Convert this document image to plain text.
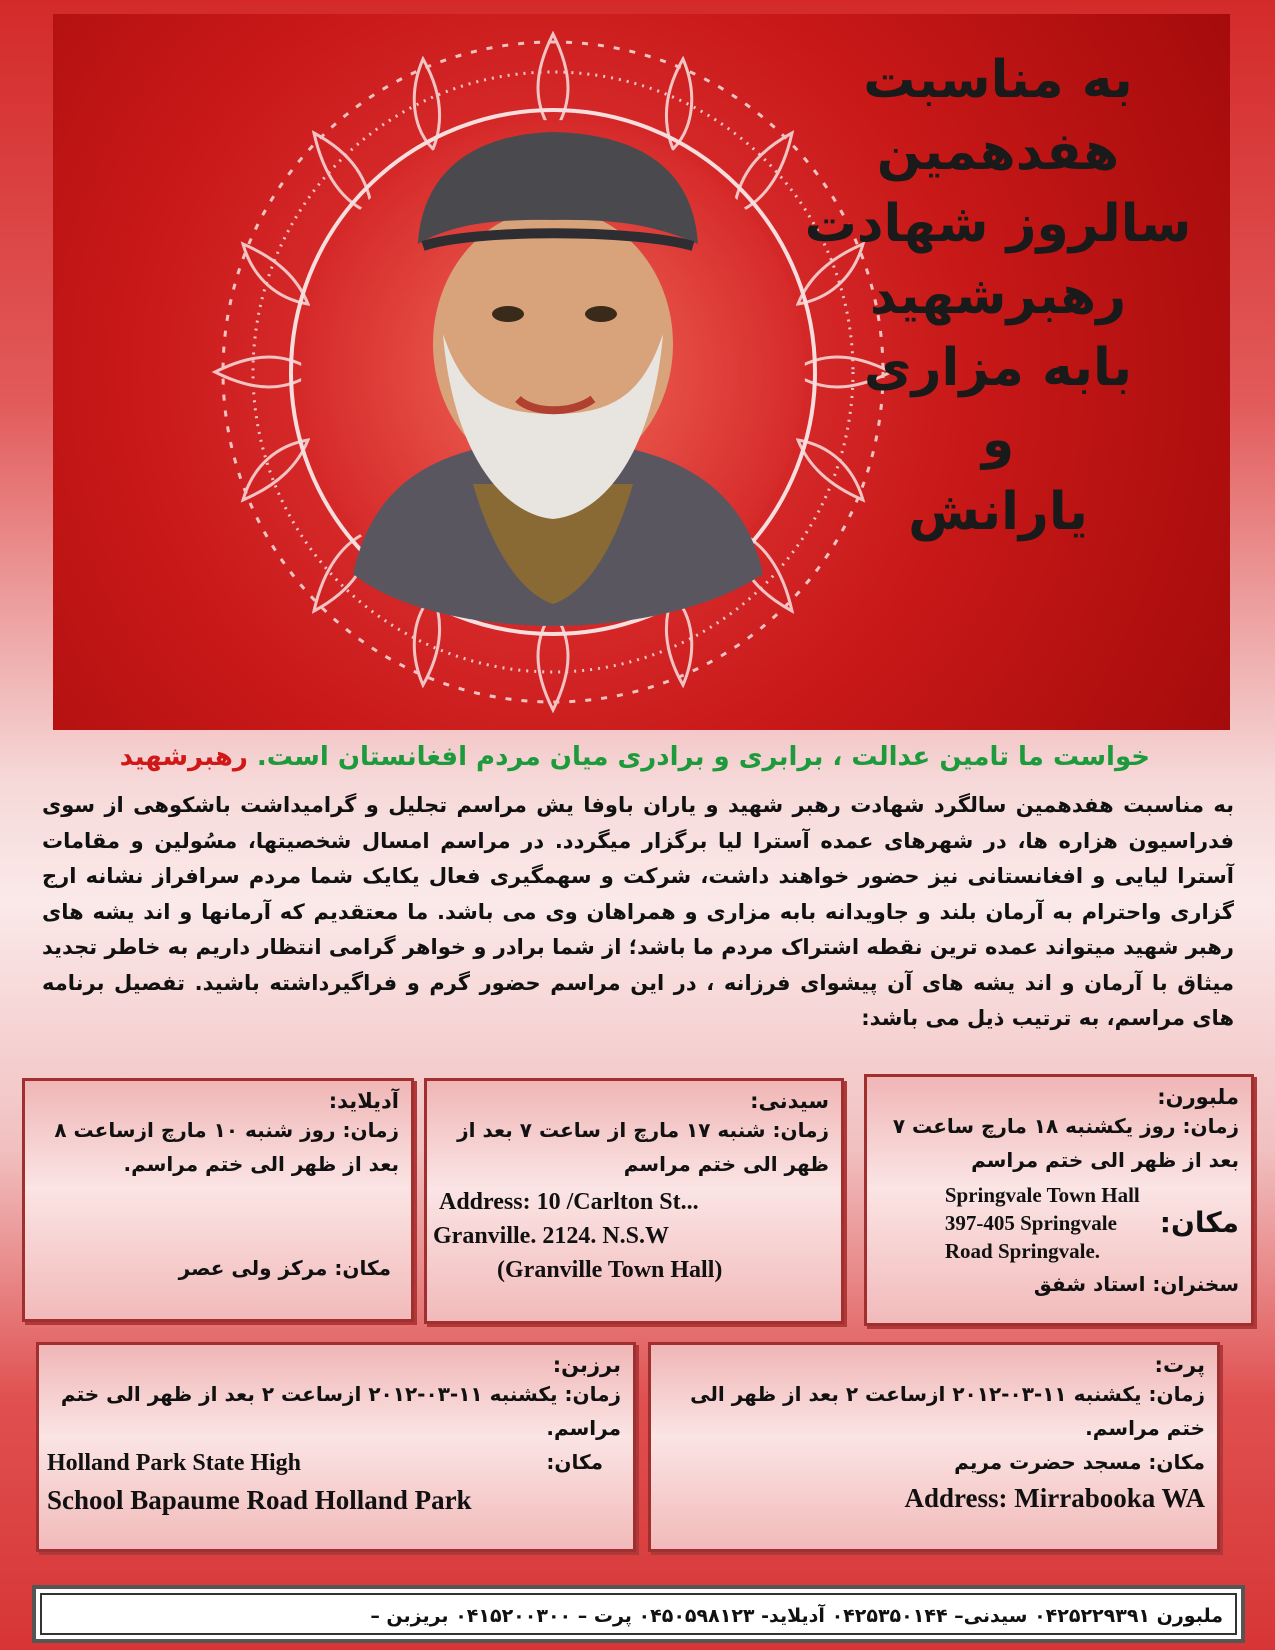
به مناسبت
هفدهمین
سالروز شهادت
رهبرشهید
بابه مزاری
و
یارانش
خواست ما تامین عدالت ، برابری و برادری میان مردم افغانستان است. رهبرشهید
به مناسبت هفدهمین سالگرد شهادت رهبر شهید و یاران باوفا یش مراسم تجلیل و گرامیداشت باشکوهی از سوی فدراسیون هزاره ها، در شهرهای عمده آسترا لیا برگزار میگردد. در مراسم امسال شخصیتها، مسُولین و مقامات آسترا لیایی و افغانستانی نیز حضور خواهند داشت، شرکت و سهمگیری فعال یکایک شما مردم سرافراز نشانه ارج گزاری واحترام به آرمان بلند و جاویدانه بابه مزاری و همراهان وی می باشد. ما معتقدیم که آرمانها و اند یشه های رهبر شهید میتواند عمده ترین نقطه اشتراک مردم ما باشد؛ از شما برادر و خواهر گرامی انتظار داریم به خاطر تجدید میثاق با آرمان و اند یشه های آن پیشوای فرزانه ، در این مراسم حضور گرم و فراگیرداشته باشید. تفصیل برنامه های مراسم، به ترتیب ذیل می باشد:
ملبورن:
زمان: روز یکشنبه ۱۸ مارچ ساعت ۷ بعد از ظهر الی ختم مراسم
مکان:
Springvale Town Hall
397-405 Springvale
Road Springvale.
سخنران: استاد شفق
سیدنی:
زمان: شنبه ۱۷ مارچ از ساعت ۷ بعد از ظهر الی ختم مراسم
Address: 10 /Carlton St...
Granville. 2124. N.S.W
(Granville Town Hall)
آدیلاید:
زمان: روز شنبه ۱۰ مارچ ازساعت ۸ بعد از ظهر الی ختم مراسم.
مکان: مرکز ولی عصر
پرت:
زمان: یکشنبه ۱۱-۰۳-۲۰۱۲ ازساعت ۲ بعد از ظهر الی ختم مراسم.
مکان: مسجد حضرت مریم
Address: Mirrabooka WA
برزبن:
زمان: یکشنبه ۱۱-۰۳-۲۰۱۲ ازساعت ۲ بعد از ظهر الی ختم مراسم.
مکان:
Holland Park State High
School Bapaume Road Holland Park
ملبورن ۰۴۲۵۲۲۹۳۹۱ سیدنی– ۰۴۲۵۳۵۰۱۴۴ آدیلاید- ۰۴۵۰۵۹۸۱۲۳ پرت – ۰۴۱۵۲۰۰۳۰۰ بریزبن –
